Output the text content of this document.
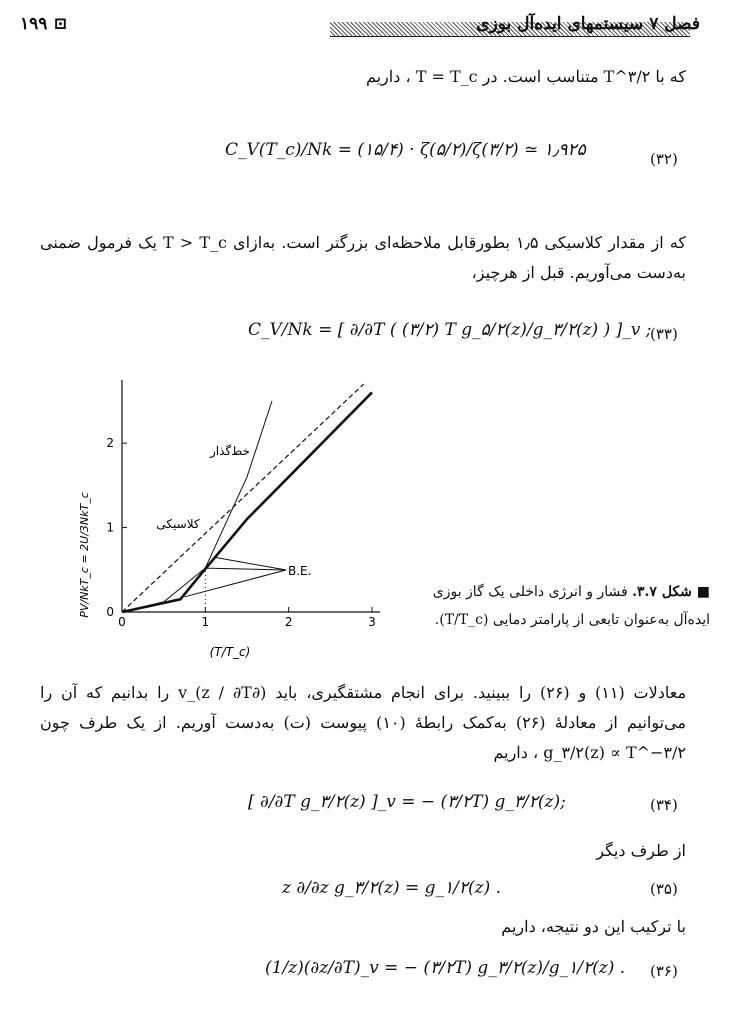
فصل ۷ سیستمهای ایده‌آل بوزی
۱۹۹ ⊡
که با T^۳/۲ متناسب است. در T = T_c ، داریم
C_V(T_c)/Nk = (۱۵/۴) · ζ(۵/۲)/ζ(۳/۲) ≃ ۱٫۹۲۵	(۳۲)
که از مقدار کلاسیکی ۱٫۵ بطورقابل ملاحظه‌ای بزرگتر است. به‌ازای T > T_c یک فرمول ضمنی به‌دست می‌آوریم. قبل از هرچیز،
C_V/Nk = [ ∂/∂T ( (۳/۲) T g_۵/۲(z)/g_۳/۲(z) ) ]_v ;
(۳۳)
0	1	2	3
0
1
2
خط‌گذار
کلاسیکی
B.E.
PV/NkT_c = 2U/3NkT_c
(T/T_c)
■ شکل ۳.۷. فشار و انرژی داخلی یک گاز بوزی ایده‌آل به‌عنوان تابعی از پارامتر دمایی (T/T_c).
معادلات (۱۱) و (۲۶) را ببینید. برای انجام مشتقگیری، باید (∂z / ∂T)_v را بدانیم که آن را می‌توانیم از معادلهٔ (۲۶) به‌کمک رابطهٔ (۱۰) پیوست (ت) به‌دست آوریم. از یک طرف چون g_۳/۲(z) ∝ T^−۳/۲ ، داریم
[ ∂/∂T g_۳/۲(z) ]_v = − (۳/۲T) g_۳/۲(z);	(۳۴)
از طرف دیگر
z ∂/∂z g_۳/۲(z) = g_۱/۲(z) .	(۳۵)
با ترکیب این دو نتیجه، داریم
(1/z)(∂z/∂T)_v = − (۳/۲T) g_۳/۲(z)/g_۱/۲(z) . (۳۶)
